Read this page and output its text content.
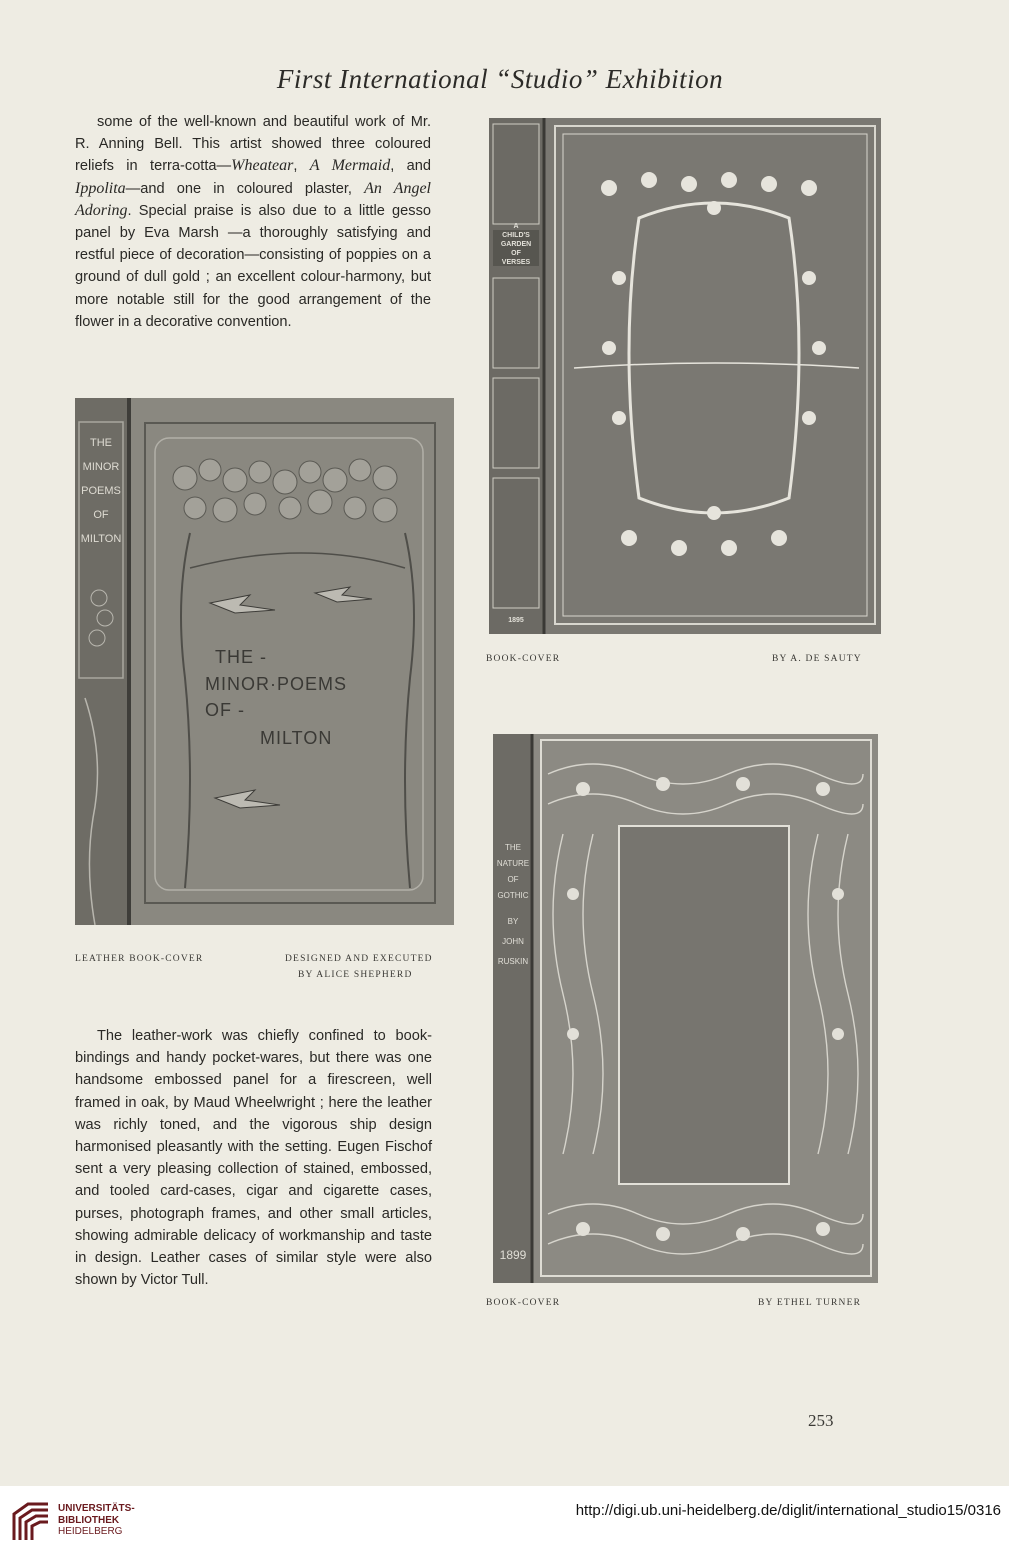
First International “Studio” Exhibition

some of the well-known and beautiful work of Mr. R. Anning Bell. This artist showed three coloured reliefs in terra-cotta—Wheatear, A Mermaid, and Ippolita—and one in coloured plaster, An Angel Adoring. Special praise is also due to a little gesso panel by Eva Marsh —a thoroughly satisfying and restful piece of decoration—consisting of poppies on a ground of dull gold ; an excellent colour-harmony, but more notable still for the good arrangement of the flower in a decorative convention.

THE
MINOR
POEMS
OF
MILTON
THE -
MINOR·POEMS
OF -
MILTON
LEATHER BOOK-COVER	DESIGNED AND EXECUTED
BY ALICE SHEPHERD
A
CHILD'S
GARDEN
OF
VERSES
1895
BOOK-COVER	BY A. DE SAUTY
THE
NATURE
OF
GOTHIC
BY
JOHN
RUSKIN
1899
BOOK-COVER	BY ETHEL TURNER

The leather-work was chiefly confined to book-bindings and handy pocket-wares, but there was one handsome embossed panel for a firescreen, well framed in oak, by Maud Wheelwright ; here the leather was richly toned, and the vigorous ship design harmonised pleasantly with the setting. Eugen Fischof sent a very pleasing collection of stained, embossed, and tooled card-cases, cigar and cigarette cases, purses, photograph frames, and other small articles, showing admirable delicacy of workmanship and taste in design. Leather cases of similar style were also shown by Victor Tull.

253
UNIVERSITÄTS-
BIBLIOTHEK
HEIDELBERG
http://digi.ub.uni-heidelberg.de/diglit/international_studio15/0316
